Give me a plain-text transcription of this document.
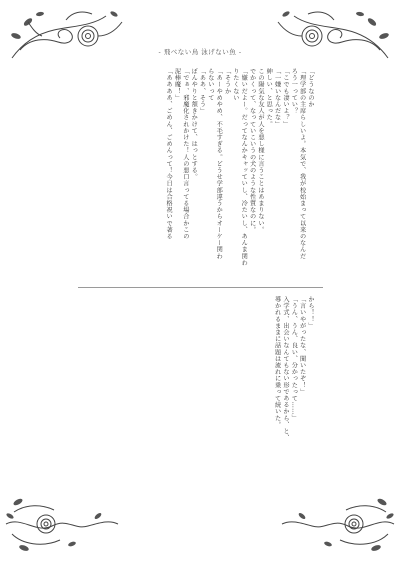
- 飛べない鳥 泳げない魚 -
「どうなのか
「理学部の主席らしいよ。本気で、我が校始まって以来のなんだ
ろう一ってい？
「こでも凄いよ？」
「一嫌いなんだな」
紳しい、と思った。
この陽気な友人が人を悪し様に言うことはあまりない。
でかくって、なっていこいうの犬のような性質なのに。
「嫌いだよー。だってなんかキャッていし、冷たいし、あんま関わ
りたくない
「そうか
「あーやめやめ、不毛すぎる。どうせ学部違うからオーケー関わ
らないって
「ああ、そう」
ぼんやりと頷きかけて、はっとする。
「でぁ、邪魔化されかけた！人の悪口言ってる場合かこの
泥棒魔！」
「ああああ、ごめん、ごめんって！今日は合格祝いで著る
から！！」
「言いやがったな、聞いたぞ！」
「うん、うん、良い、分かったって……」
入学式、出会いなんてもない形であるから、と、
導かれるままに話題は流れに乗って続いた。
